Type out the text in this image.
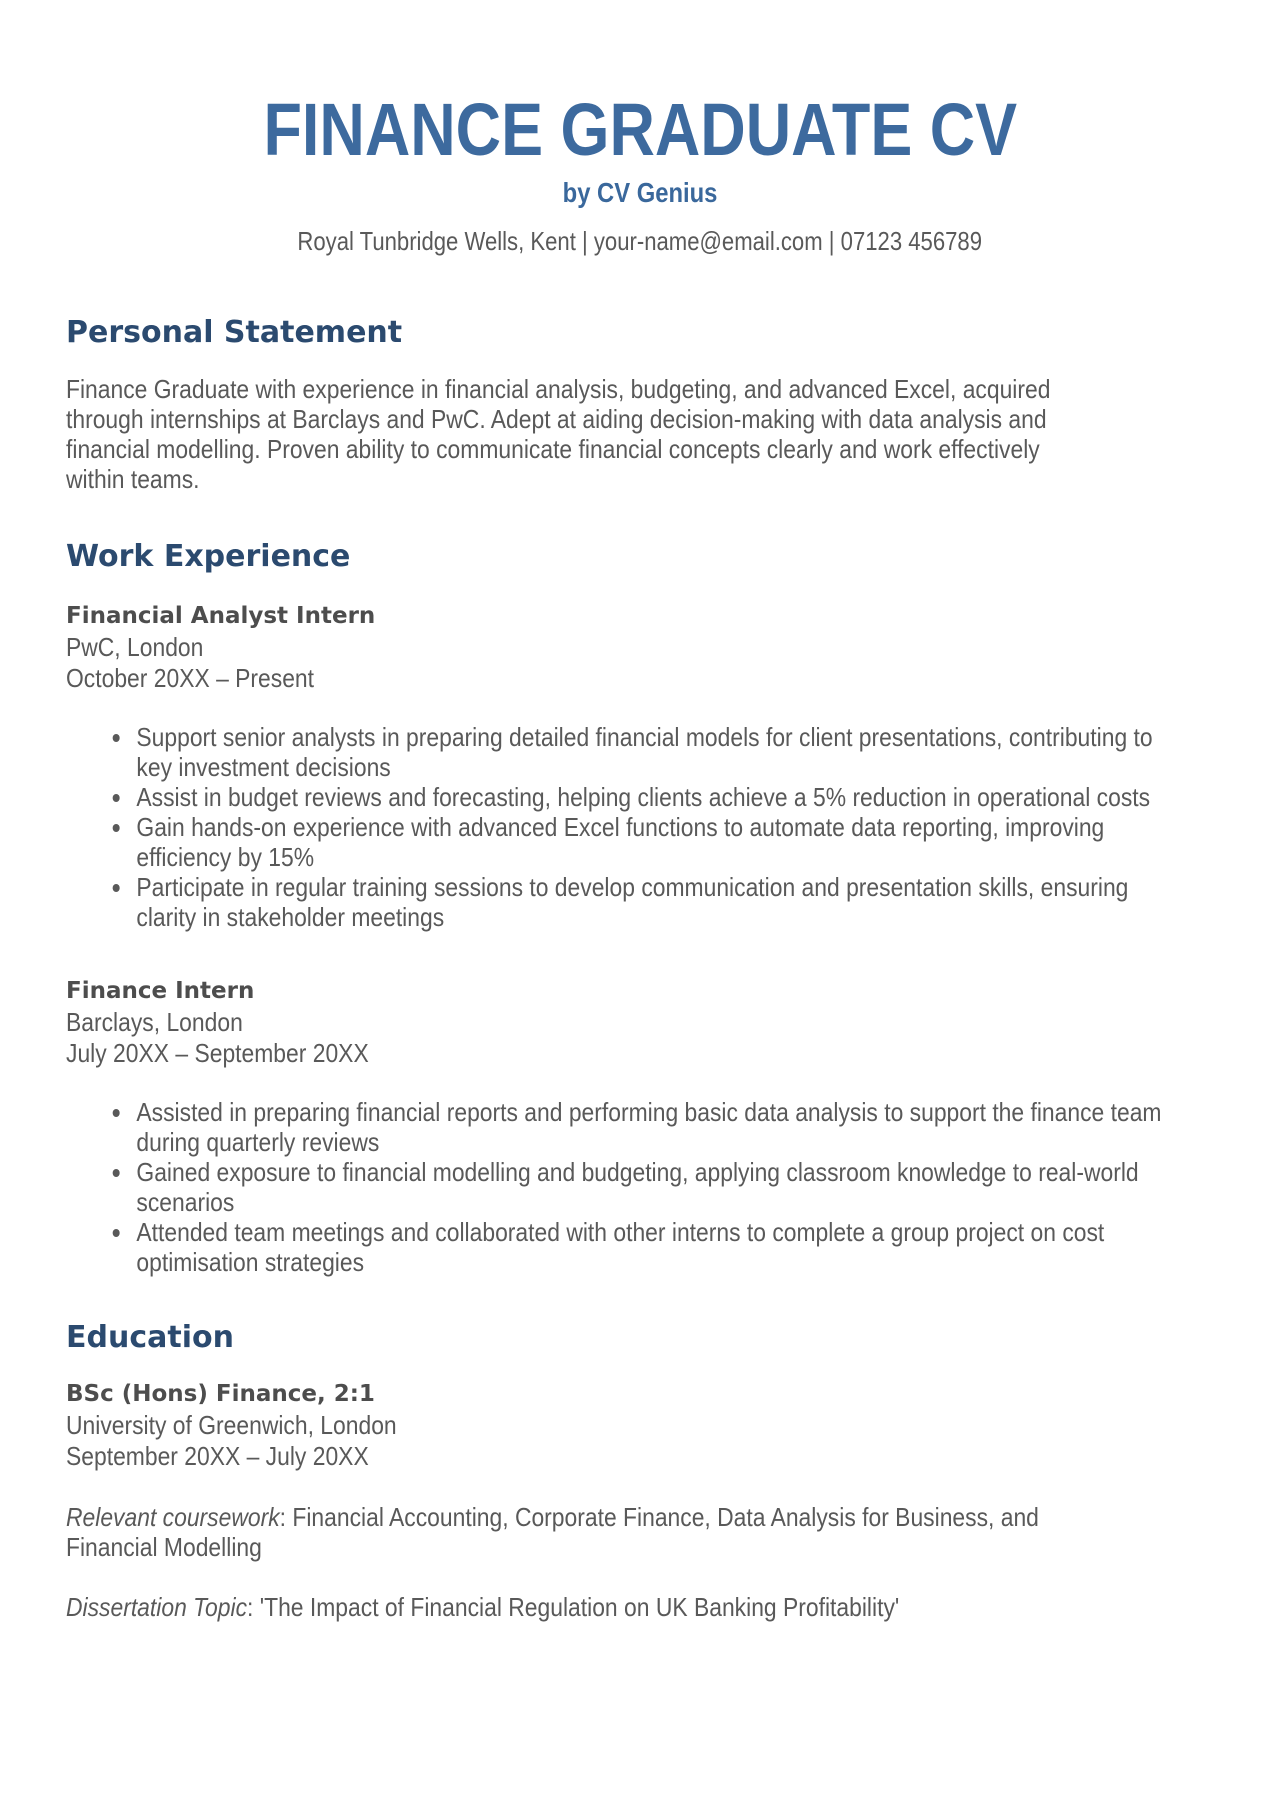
FINANCE GRADUATE CV
by CV Genius
Royal Tunbridge Wells, Kent | your-name@email.com | 07123 456789
Personal Statement

Finance Graduate with experience in financial analysis, budgeting, and advanced Excel, acquired through internships at Barclays and PwC. Adept at aiding decision-making with data analysis and financial modelling. Proven ability to communicate financial concepts clearly and work effectively within teams.

Work Experience
Financial Analyst Intern
PwC, London
October 20XX – Present
• Support senior analysts in preparing detailed financial models for client presentations, contributing to key investment decisions
• Assist in budget reviews and forecasting, helping clients achieve a 5% reduction in operational costs
• Gain hands-on experience with advanced Excel functions to automate data reporting, improving efficiency by 15%
• Participate in regular training sessions to develop communication and presentation skills, ensuring clarity in stakeholder meetings
Finance Intern
Barclays, London
July 20XX – September 20XX
• Assisted in preparing financial reports and performing basic data analysis to support the finance team during quarterly reviews
• Gained exposure to financial modelling and budgeting, applying classroom knowledge to real-world scenarios
• Attended team meetings and collaborated with other interns to complete a group project on cost optimisation strategies
Education
BSc (Hons) Finance, 2:1
University of Greenwich, London
September 20XX – July 20XX

Relevant coursework: Financial Accounting, Corporate Finance, Data Analysis for Business, and Financial Modelling

Dissertation Topic: 'The Impact of Financial Regulation on UK Banking Profitability'
